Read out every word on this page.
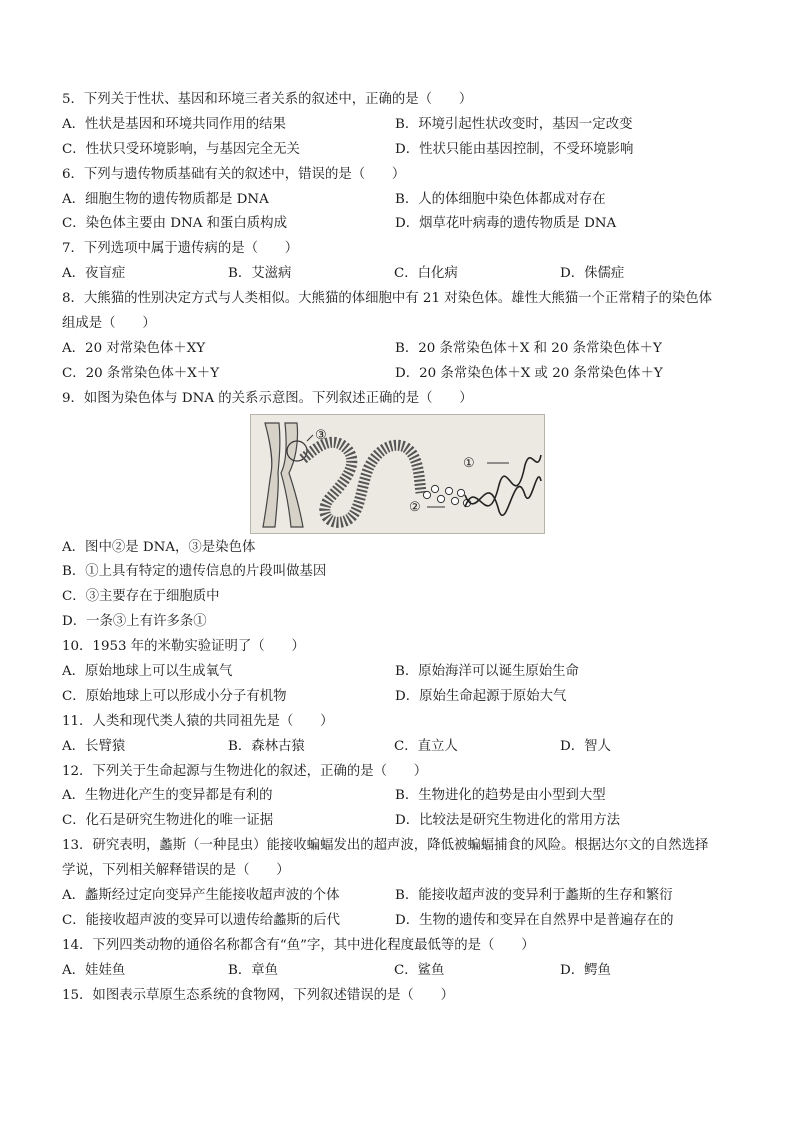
5．下列关于性状、基因和环境三者关系的叙述中，正确的是（　　）
A．性状是基因和环境共同作用的结果	B．环境引起性状改变时，基因一定改变
C．性状只受环境影响，与基因完全无关	D．性状只能由基因控制，不受环境影响
6．下列与遗传物质基础有关的叙述中，错误的是（　　）
A．细胞生物的遗传物质都是 DNA	B．人的体细胞中染色体都成对存在
C．染色体主要由 DNA 和蛋白质构成	D．烟草花叶病毒的遗传物质是 DNA
7．下列选项中属于遗传病的是（　　）
A．夜盲症	B．艾滋病	C．白化病	D．侏儒症
8．大熊猫的性别决定方式与人类相似。大熊猫的体细胞中有 21 对染色体。雄性大熊猫一个正常精子的染色体
组成是（　　）
A．20 对常染色体＋XY	B．20 条常染色体＋X 和 20 条常染色体＋Y
C．20 条常染色体＋X＋Y	D．20 条常染色体＋X 或 20 条常染色体＋Y
9．如图为染色体与 DNA 的关系示意图。下列叙述正确的是（　　）
③
①
②
A．图中②是 DNA，③是染色体
B．①上具有特定的遗传信息的片段叫做基因
C．③主要存在于细胞质中
D．一条③上有许多条①
10．1953 年的米勒实验证明了（　　）
A．原始地球上可以生成氧气	B．原始海洋可以诞生原始生命
C．原始地球上可以形成小分子有机物	D．原始生命起源于原始大气
11．人类和现代类人猿的共同祖先是（　　）
A．长臂猿	B．森林古猿	C．直立人	D．智人
12．下列关于生命起源与生物进化的叙述，正确的是（　　）
A．生物进化产生的变异都是有利的	B．生物进化的趋势是由小型到大型
C．化石是研究生物进化的唯一证据	D．比较法是研究生物进化的常用方法
13．研究表明，蠡斯（一种昆虫）能接收蝙蝠发出的超声波，降低被蝙蝠捕食的风险。根据达尔文的自然选择
学说，下列相关解释错误的是（　　）
A．蠡斯经过定向变异产生能接收超声波的个体	B．能接收超声波的变异利于蠡斯的生存和繁衍
C．能接收超声波的变异可以遗传给蠡斯的后代	D．生物的遗传和变异在自然界中是普遍存在的
14．下列四类动物的通俗名称都含有“鱼”字，其中进化程度最低等的是（　　）
A．娃娃鱼	B．章鱼	C．鲨鱼	D．鳄鱼
15．如图表示草原生态系统的食物网，下列叙述错误的是（　　）
